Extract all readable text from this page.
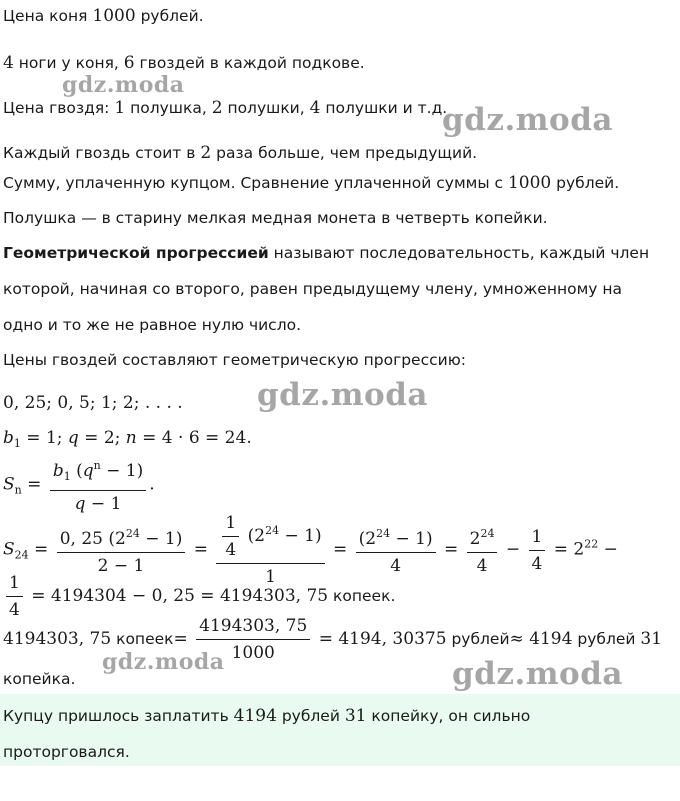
Цена коня 1000 рублей.
4 ноги у коня, 6 гвоздей в каждой подкове.
Цена гвоздя: 1 полушка, 2 полушки, 4 полушки и т.д.
Каждый гвоздь стоит в 2 раза больше, чем предыдущий.
Сумму, уплаченную купцом. Сравнение уплаченной суммы с 1000 рублей.
Полушка — в старину мелкая медная монета в четверть копейки.
Геометрической прогрессией называют последовательность, каждый член
которой, начиная со второго, равен предыдущему члену, умноженному на
одно и то же не равное нулю число.
Цены гвоздей составляют геометрическую прогрессию:
0, 25; 0, 5; 1; 2; . . . .
$b_1 = 1$; q = 2; n = 4 · 6 = 24.
$S_n = \frac{b_1 (q^n - 1)}{q - 1}$ .
$S_{24} = \frac{0, 25 (2^{24} - 1)}{2 - 1} = \frac{\frac{1}{4} (2^{24} - 1)}{1} = \frac{(2^{24} - 1)}{4} = \frac{2^{24}}{4} - \frac{1}{4} = 2^{22}$ −
$\frac{1}{4} = 4194304 - 0$, 25 = 4194303, 75 копеек.
4194303, 75 копеек= $\frac{4194303, 75}{1000} = 4194$, 30375 рублей≈ 4194 рублей 31
копейка.
Купцу пришлось заплатить 4194 рублей 31 копейку, он сильно
проторговался.
gdz.moda
gdz.moda
gdz.moda
gdz.moda	gdz.moda
